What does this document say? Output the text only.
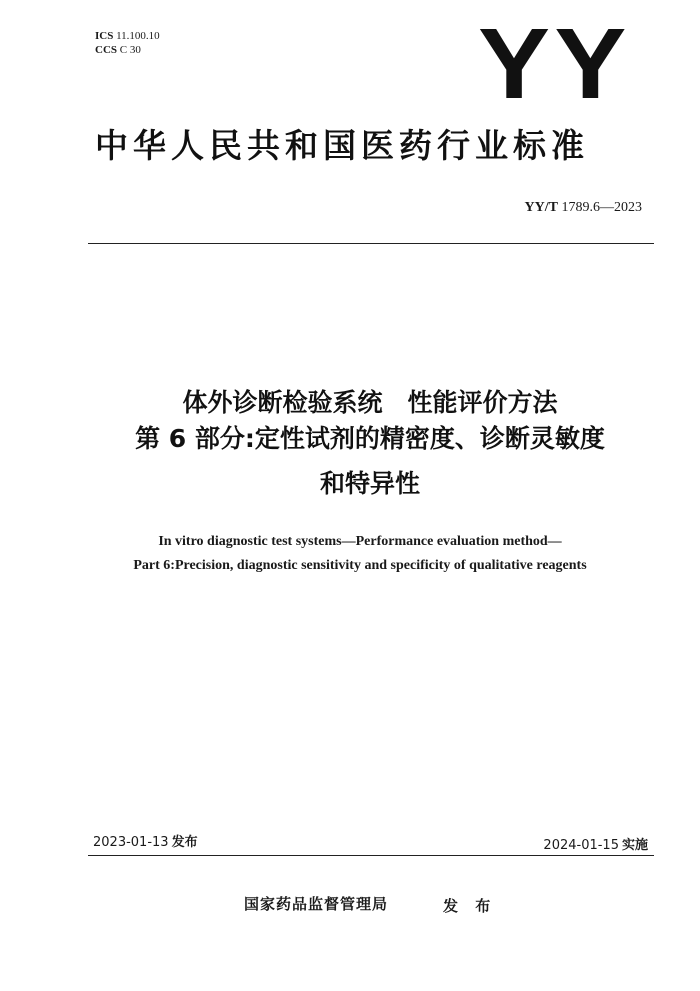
ICS 11.100.10
CCS C 30	YY
中华人民共和国医药行业标准
YY/T 1789.6—2023
体外诊断检验系统　性能评价方法
第 6 部分:定性试剂的精密度、诊断灵敏度
和特异性
In vitro diagnostic test systems—Performance evaluation method—
Part 6:Precision, diagnostic sensitivity and specificity of qualitative reagents
2023-01-13 发布	2024-01-15 实施
国家药品监督管理局	发 布
